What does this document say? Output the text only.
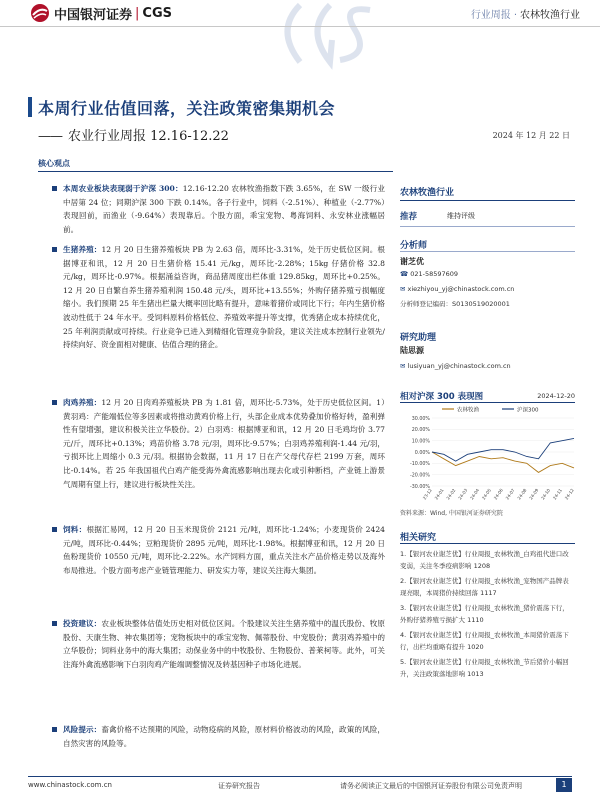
中国银河证券 | CGS	行业周报 · 农林牧渔行业
本周行业估值回落，关注政策密集期机会
—— 农业行业周报 12.16-12.22	2024 年 12 月 22 日
核心观点
本周农业板块表现弱于沪深 300：12.16-12.20 农林牧渔指数下跌 3.65%，在 SW 一级行业中居第 24 位；同期沪深 300 下跌 0.14%。各子行业中，饲料（-2.51%）、种植业（-2.77%）表现回前，而渔业（-9.64%）表现靠后。个股方面，乖宝宠物、粤海饲料、永安林业涨幅居前。
生猪养殖：12 月 20 日生猪养殖板块 PB 为 2.63 倍，周环比-3.31%，处于历史低位区间。根据博亚和讯，12 月 20 日生猪价格 15.41 元/kg，周环比-2.28%；15kg 仔猪价格 32.8 元/kg，周环比-0.97%。根据涌益咨询，商品猪周度出栏体重 129.85kg，周环比+0.25%。12 月 20 日自繁自养生猪养殖利润 150.48 元/头，周环比+13.55%；外购仔猪养殖亏损幅度缩小。我们预期 25 年生猪出栏量大概率回比略有提升，意味着猪价或同比下行；年内生猪价格波动性低于 24 年水平。受饲料原料价格低位、养殖效率提升等支撑，优秀猪企成本持续优化，25 年利润贡献或可持续。行业竞争已进入到精细化管理竞争阶段，建议关注成本控制行业领先/持续向好、资金面相对健康、估值合理的猪企。
肉鸡养殖：12 月 20 日肉鸡养殖板块 PB 为 1.81 倍，周环比-5.73%，处于历史低位区间。1）黄羽鸡：产能端低位等多因素或将推动黄鸡价格上行，头部企业成本优势叠加价格好转，盈利弹性有望增强，建议积极关注立华股份。2）白羽鸡：根据博亚和讯，12 月 20 日毛鸡均价 3.77 元/斤，周环比+0.13%；鸡苗价格 3.78 元/羽，周环比-9.57%；白羽鸡养殖利润-1.44 元/羽，亏损环比上周缩小 0.3 元/羽。根据协会数据，11 月 17 日在产父母代存栏 2199 万套，周环比-0.14%。若 25 年我国祖代白鸡产能受海外禽流感影响出现去化或引种断档，产业链上游景气周期有望上行，建议进行板块性关注。
饲料：根据汇易网，12 月 20 日玉米现货价 2121 元/吨，周环比-1.24%；小麦现货价 2424 元/吨，周环比-0.44%；豆粕现货价 2895 元/吨，周环比-1.98%。根据博亚和讯，12 月 20 日鱼粉现货价 10550 元/吨，周环比-2.22%。水产饲料方面，重点关注水产品价格走势以及海外布局推进。个股方面考虑产业链管理能力、研发实力等，建议关注海大集团。
投资建议：农业板块整体估值处历史相对低位区间。个股建议关注生猪养殖中的温氏股份、牧原股份、天康生物、神农集团等；宠物板块中的乖宝宠物、佩蒂股份、中宠股份；黄羽鸡养殖中的立华股份；饲料业务中的海大集团；动保业务中的中牧股份、生物股份、普莱柯等。此外，可关注海外禽流感影响下白羽肉鸡产能端调整情况及转基因种子市场化进展。
风险提示：畜禽价格不达预期的风险，动物疫病的风险，原材料价格波动的风险，政策的风险，自然灾害的风险等。
农林牧渔行业
推荐	维持评级
分析师
谢芝优
☎ 021-58597609
✉ xiezhiyou_yj@chinastock.com.cn
分析师登记编码：S0130519020001
研究助理
陆思源
✉ lusiyuan_yj@chinastock.com.cn
相对沪深 300 表现图	2024-12-20
农林牧渔	沪深300
30.00%
20.00%
10.00%
0.00%
-10.00%
-20.00%
-30.00%
23-12 24-01 24-02 24-03 24-04 24-05 24-06 24-07 24-08 24-09 24-10 24-11 24-12
资料来源：Wind, 中国银河证券研究院
相关研究
1.【银河农业谢芝优】行业周报_农林牧渔_白鸡祖代进口改变弱，关注冬季疫病影响 1208
2.【银河农业谢芝优】行业周报_农林牧渔_宠物国产品牌表现亮眼，本周猪价持续回落 1117
3.【银河农业谢芝优】行业周报_农林牧渔_猪价震荡下行，外购仔猪养殖亏损扩大 1110
4.【银河农业谢芝优】行业周报_农林牧渔_本周猪价震荡下行，出栏均重略有提升 1020
5.【银河农业谢芝优】行业周报_农林牧渔_节后猪价小幅回升，关注政策落地影响 1013
www.chinastock.com.cn	证券研究报告	请务必阅读正文最后的中国银河证券股份有限公司免责声明	1
